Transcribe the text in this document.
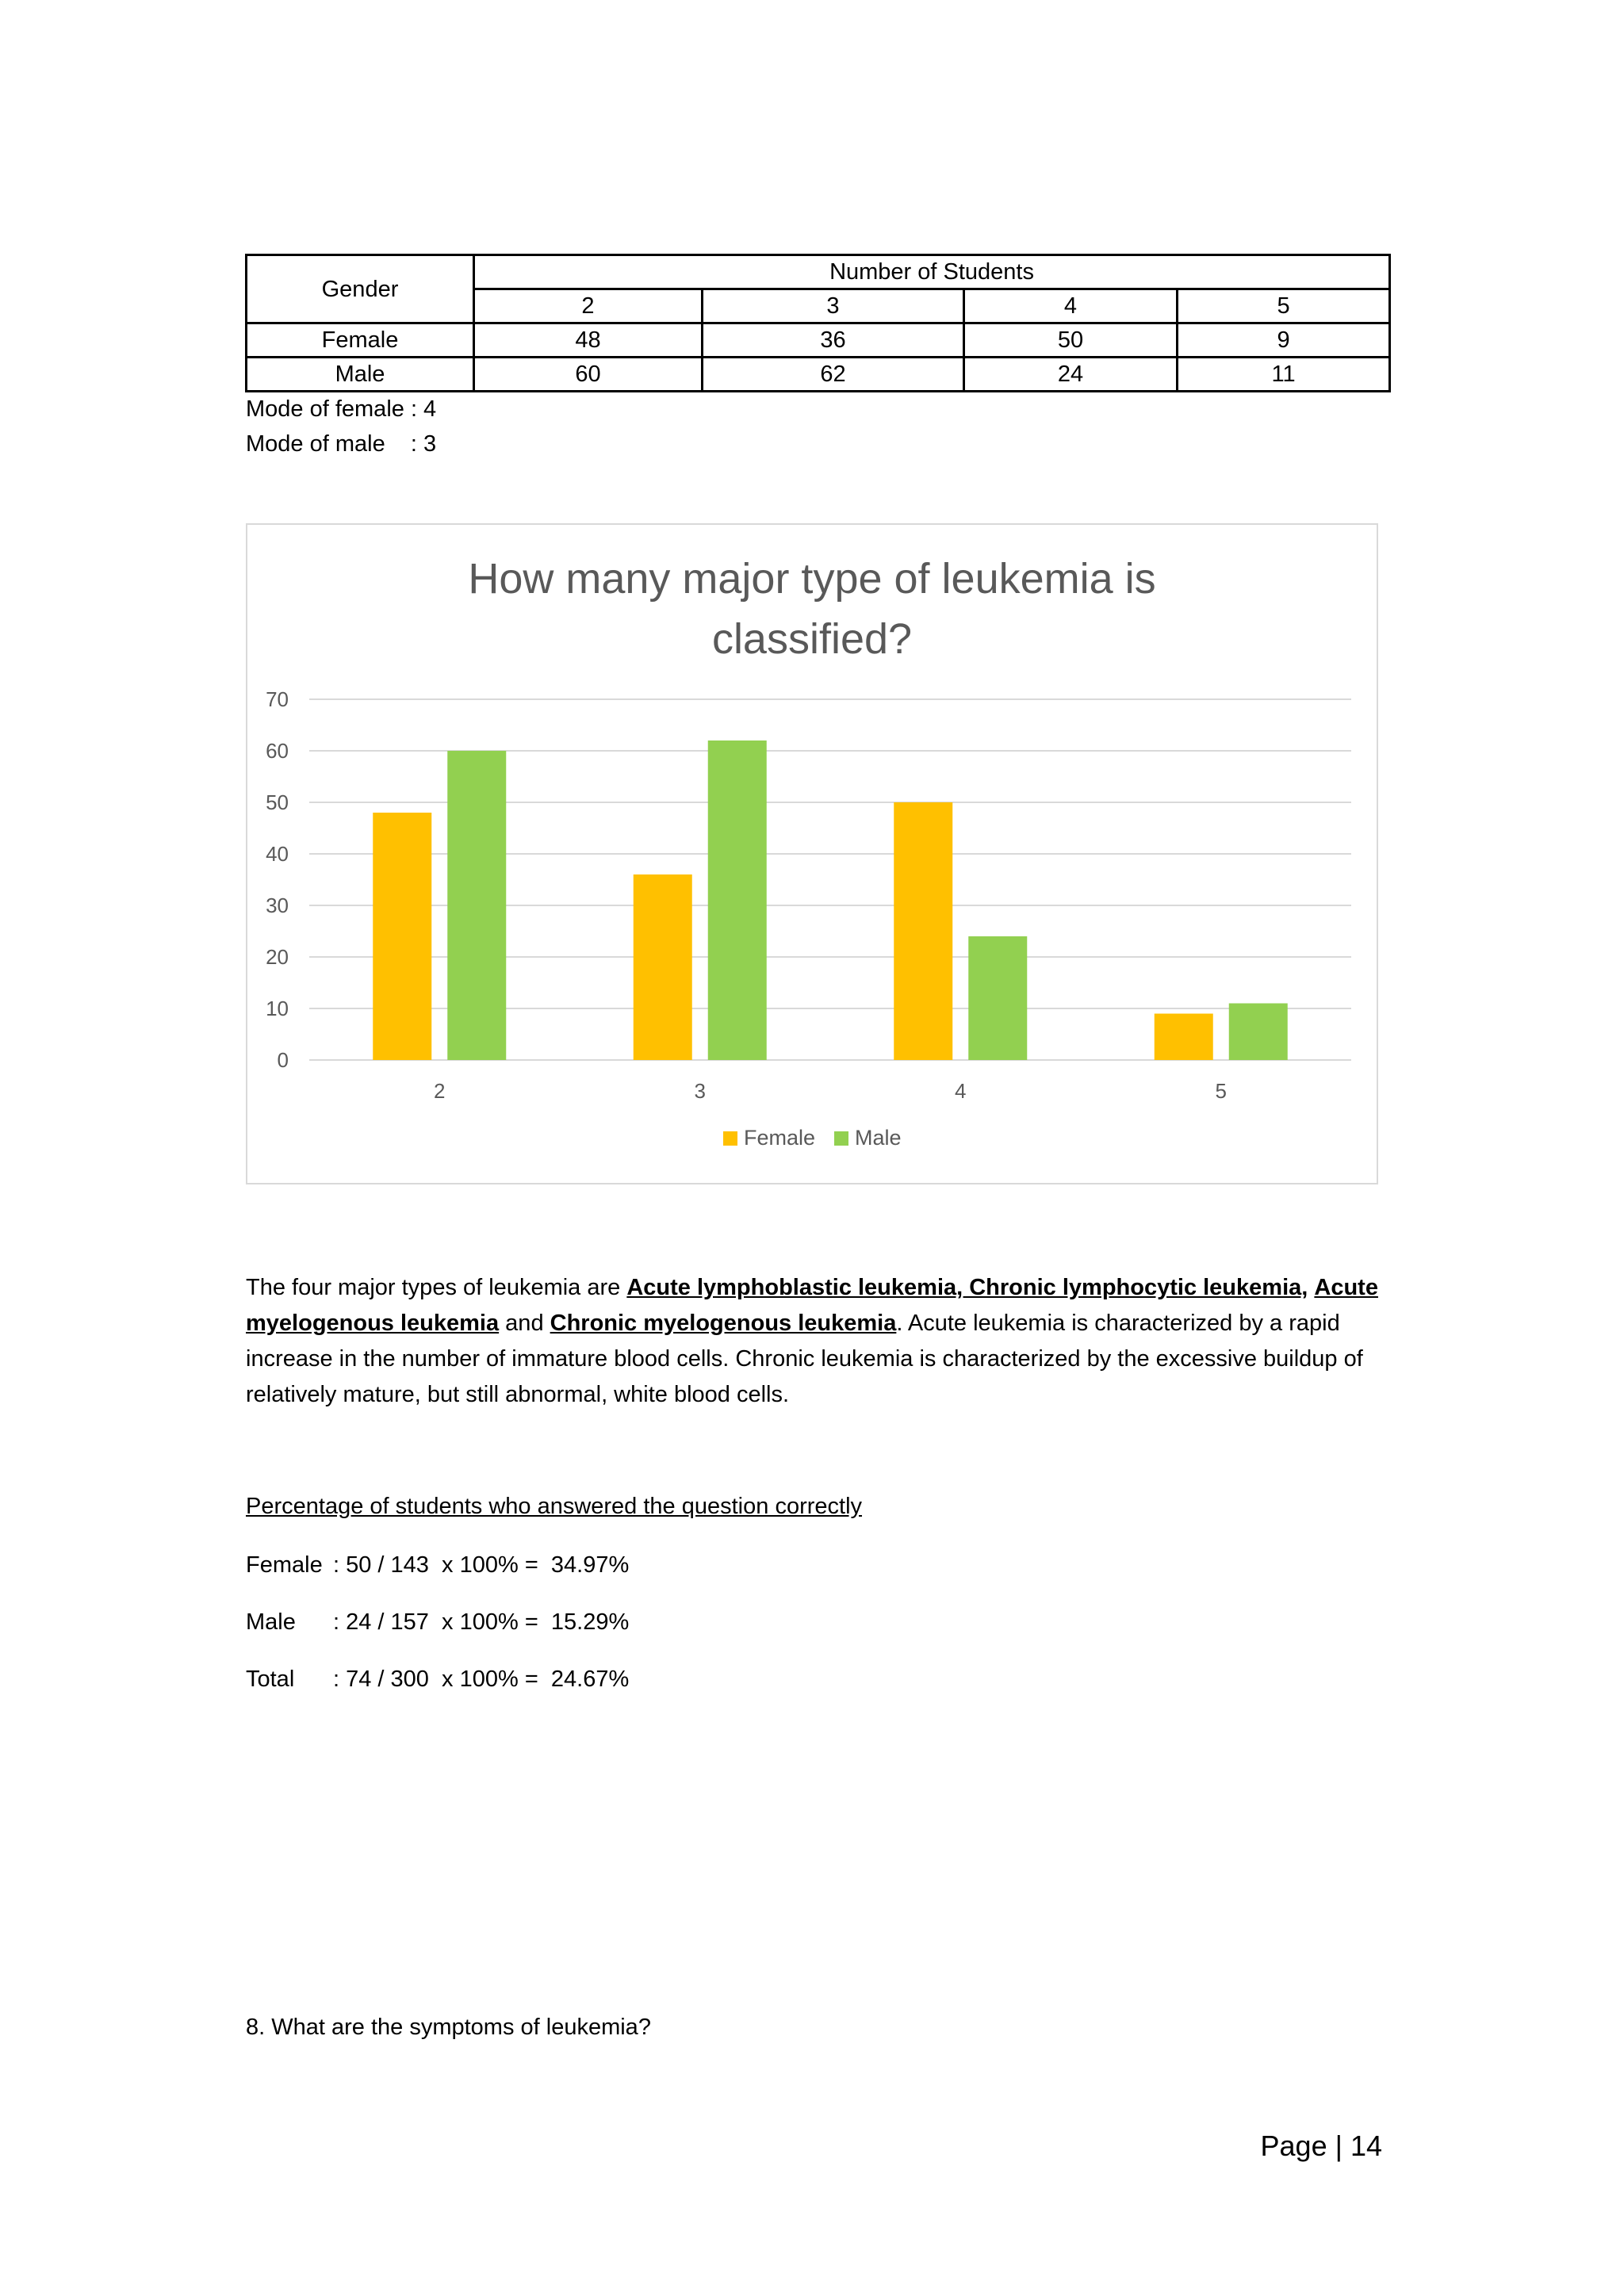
Gender	Number of Students			
	2	3	4	5
Female	48	36	50	9
Male	60	62	24	11
Mode of female : 4
Mode of male    : 3
How many major type of leukemia is
classified?
0
10
20
30
40
50
60
70
2	3	4	5
Female Male
The four major types of leukemia are Acute lymphoblastic leukemia, Chronic lymphocytic leukemia, Acute myelogenous leukemia and Chronic myelogenous leukemia. Acute leukemia is characterized by a rapid increase in the number of immature blood cells. Chronic leukemia is characterized by the excessive buildup of relatively mature, but still abnormal, white blood cells.
Percentage of students who answered the question correctly
Female : 50 / 143  x 100% =  34.97%
Male : 24 / 157  x 100% =  15.29%
Total : 74 / 300  x 100% =  24.67%
8. What are the symptoms of leukemia?
Page | 14
